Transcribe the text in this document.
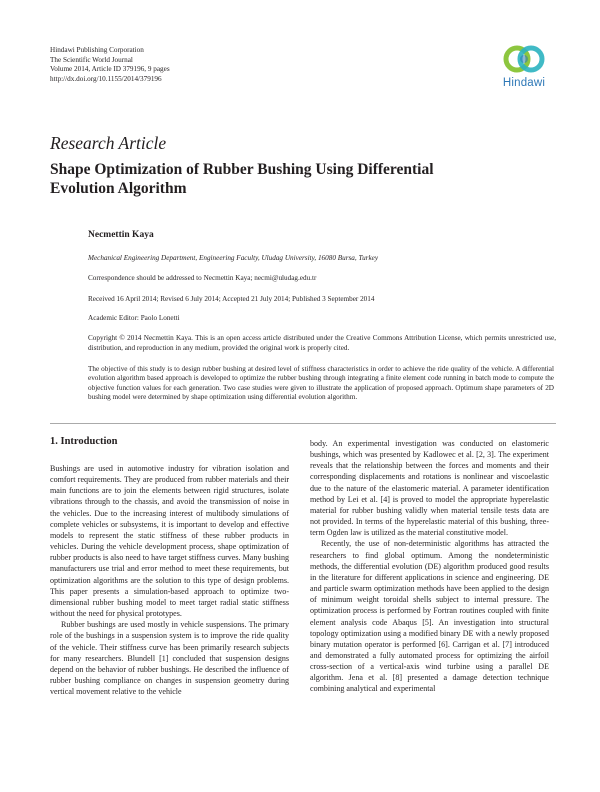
Hindawi Publishing Corporation
The Scientific World Journal
Volume 2014, Article ID 379196, 9 pages
http://dx.doi.org/10.1155/2014/379196	Hindawi
Research Article
Shape Optimization of Rubber Bushing Using Differential Evolution Algorithm
Necmettin Kaya
Mechanical Engineering Department, Engineering Faculty, Uludag University, 16080 Bursa, Turkey
Correspondence should be addressed to Necmettin Kaya; necmi@uludag.edu.tr
Received 16 April 2014; Revised 6 July 2014; Accepted 21 July 2014; Published 3 September 2014
Academic Editor: Paolo Lonetti
Copyright © 2014 Necmettin Kaya. This is an open access article distributed under the Creative Commons Attribution License, which permits unrestricted use, distribution, and reproduction in any medium, provided the original work is properly cited.
The objective of this study is to design rubber bushing at desired level of stiffness characteristics in order to achieve the ride quality of the vehicle. A differential evolution algorithm based approach is developed to optimize the rubber bushing through integrating a finite element code running in batch mode to compute the objective function values for each generation. Two case studies were given to illustrate the application of proposed approach. Optimum shape parameters of 2D bushing model were determined by shape optimization using differential evolution algorithm.
1. Introduction

Bushings are used in automotive industry for vibration isolation and comfort requirements. They are produced from rubber materials and their main functions are to join the elements between rigid structures, isolate vibrations through to the chassis, and avoid the transmission of noise in the vehicles. Due to the increasing interest of multibody simulations of complete vehicles or subsystems, it is important to develop and effective models to represent the static stiffness of these rubber products in vehicles. During the vehicle development process, shape optimization of rubber products is also need to have target stiffness curves. Many bushing manufacturers use trial and error method to meet these requirements, but optimization algorithms are the solution to this type of design problems. This paper presents a simulation-based approach to optimize two-dimensional rubber bushing model to meet target radial static stiffness without the need for physical prototypes.

Rubber bushings are used mostly in vehicle suspensions. The primary role of the bushings in a suspension system is to improve the ride quality of the vehicle. Their stiffness curve has been primarily research subjects for many researchers. Blundell [1] concluded that suspension designs depend on the behavior of rubber bushings. He described the influence of rubber bushing compliance on changes in suspension geometry during vertical movement relative to the vehicle

body. An experimental investigation was conducted on elastomeric bushings, which was presented by Kadlowec et al. [2, 3]. The experiment reveals that the relationship between the forces and moments and their corresponding displacements and rotations is nonlinear and viscoelastic due to the nature of the elastomeric material. A parameter identification method by Lei et al. [4] is proved to model the appropriate hyperelastic material for rubber bushing validly when material tensile tests data are not provided. In terms of the hyperelastic material of this bushing, three-term Ogden law is utilized as the material constitutive model.

Recently, the use of non-deterministic algorithms has attracted the researchers to find global optimum. Among the nondeterministic methods, the differential evolution (DE) algorithm produced good results in the literature for different applications in science and engineering. DE and particle swarm optimization methods have been applied to the design of minimum weight toroidal shells subject to internal pressure. The optimization process is performed by Fortran routines coupled with finite element analysis code Abaqus [5]. An investigation into structural topology optimization using a modified binary DE with a newly proposed binary mutation operator is performed [6]. Carrigan et al. [7] introduced and demonstrated a fully automated process for optimizing the airfoil cross-section of a vertical-axis wind turbine using a parallel DE algorithm. Jena et al. [8] presented a damage detection technique combining analytical and experimental
